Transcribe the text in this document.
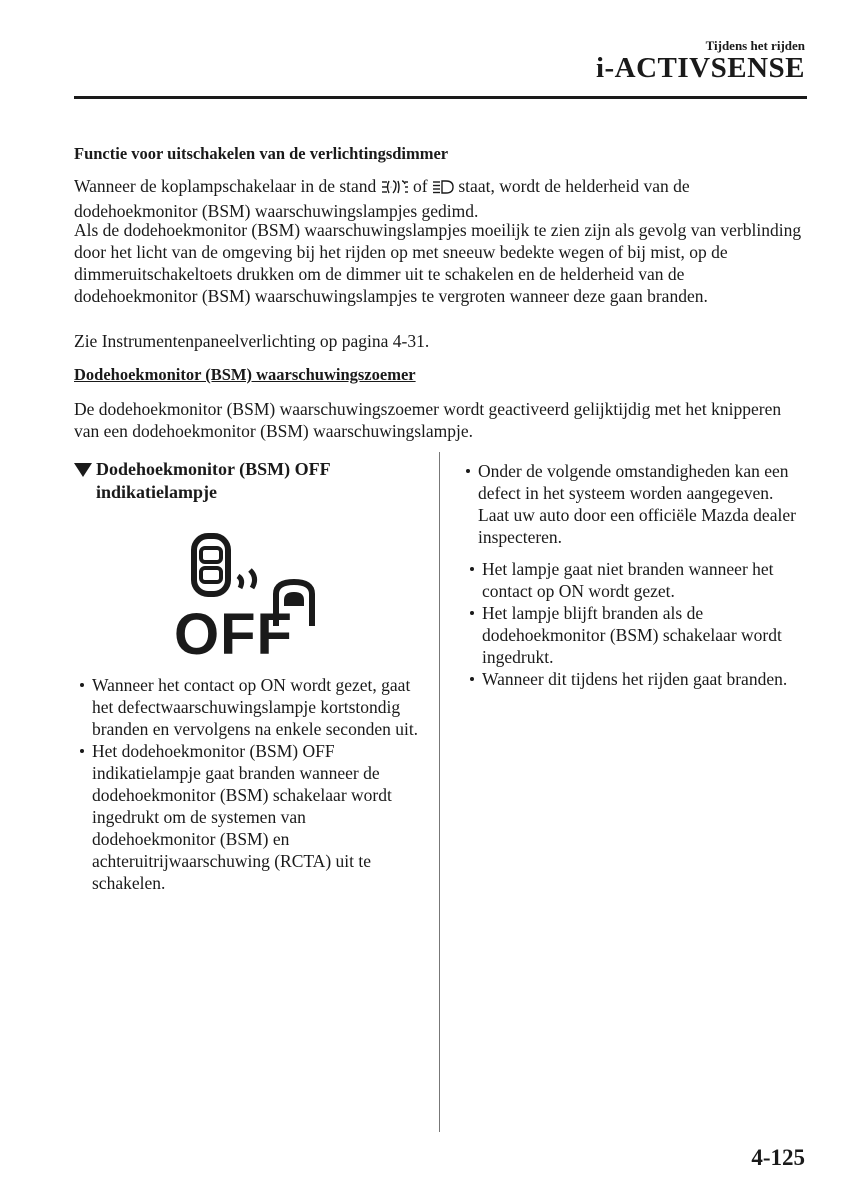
Tijdens het rijden
i-ACTIVSENSE
Functie voor uitschakelen van de verlichtingsdimmer
Wanneer de koplampschakelaar in de stand  of  staat, wordt de helderheid van de dodehoekmonitor (BSM) waarschuwingslampjes gedimd.
Als de dodehoekmonitor (BSM) waarschuwingslampjes moeilijk te zien zijn als gevolg van verblinding door het licht van de omgeving bij het rijden op met sneeuw bedekte wegen of bij mist, op de dimmeruitschakeltoets drukken om de dimmer uit te schakelen en de helderheid van de dodehoekmonitor (BSM) waarschuwingslampjes te vergroten wanneer deze gaan branden.
Zie Instrumentenpaneelverlichting op pagina 4-31.
Dodehoekmonitor (BSM) waarschuwingszoemer
De dodehoekmonitor (BSM) waarschuwingszoemer wordt geactiveerd gelijktijdig met het knipperen van een dodehoekmonitor (BSM) waarschuwingslampje.
Dodehoekmonitor (BSM) OFF
indikatielampje
OFF
Wanneer het contact op ON wordt gezet, gaat het defectwaarschuwingslampje kortstondig branden en vervolgens na enkele seconden uit.
Het dodehoekmonitor (BSM) OFF indikatielampje gaat branden wanneer de dodehoekmonitor (BSM) schakelaar wordt ingedrukt om de systemen van dodehoekmonitor (BSM) en achteruitrijwaarschuwing (RCTA) uit te schakelen.
Onder de volgende omstandigheden kan een defect in het systeem worden aangegeven. Laat uw auto door een officiële Mazda dealer inspecteren.
Het lampje gaat niet branden wanneer het contact op ON wordt gezet.
Het lampje blijft branden als de dodehoekmonitor (BSM) schakelaar wordt ingedrukt.
Wanneer dit tijdens het rijden gaat branden.
4-125
